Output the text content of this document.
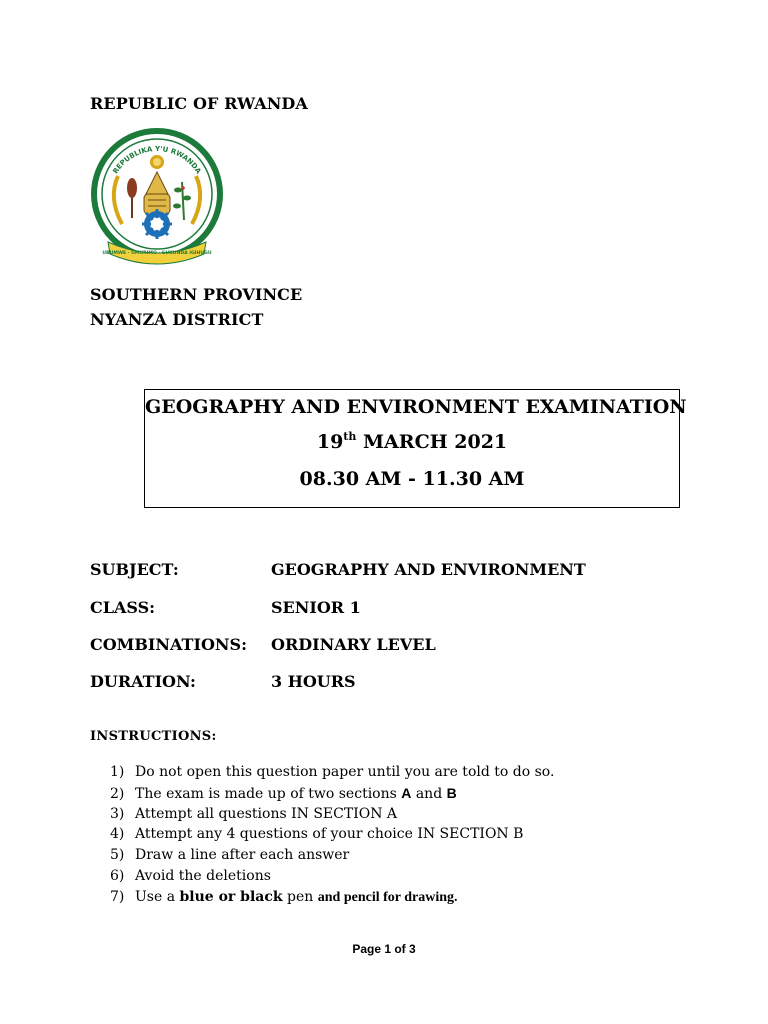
REPUBLIC OF RWANDA
REPUBLIKA Y'U RWANDA
UBUMWE · UMURIMO · GUKUNDA IGIHUGU
SOUTHERN PROVINCE
NYANZA DISTRICT
GEOGRAPHY AND ENVIRONMENT EXAMINATION
19th MARCH 2021
08.30 AM - 11.30 AM
SUBJECT:	GEOGRAPHY AND ENVIRONMENT
CLASS:	SENIOR 1
COMBINATIONS: ORDINARY LEVEL
DURATION:	3 HOURS
INSTRUCTIONS:
1) Do not open this question paper until you are told to do so.
2) The exam is made up of two sections A and B
3) Attempt all questions IN SECTION A
4) Attempt any 4 questions of your choice IN SECTION B
5) Draw a line after each answer
6) Avoid the deletions
7) Use a blue or black pen and pencil for drawing.
Page 1 of 3
